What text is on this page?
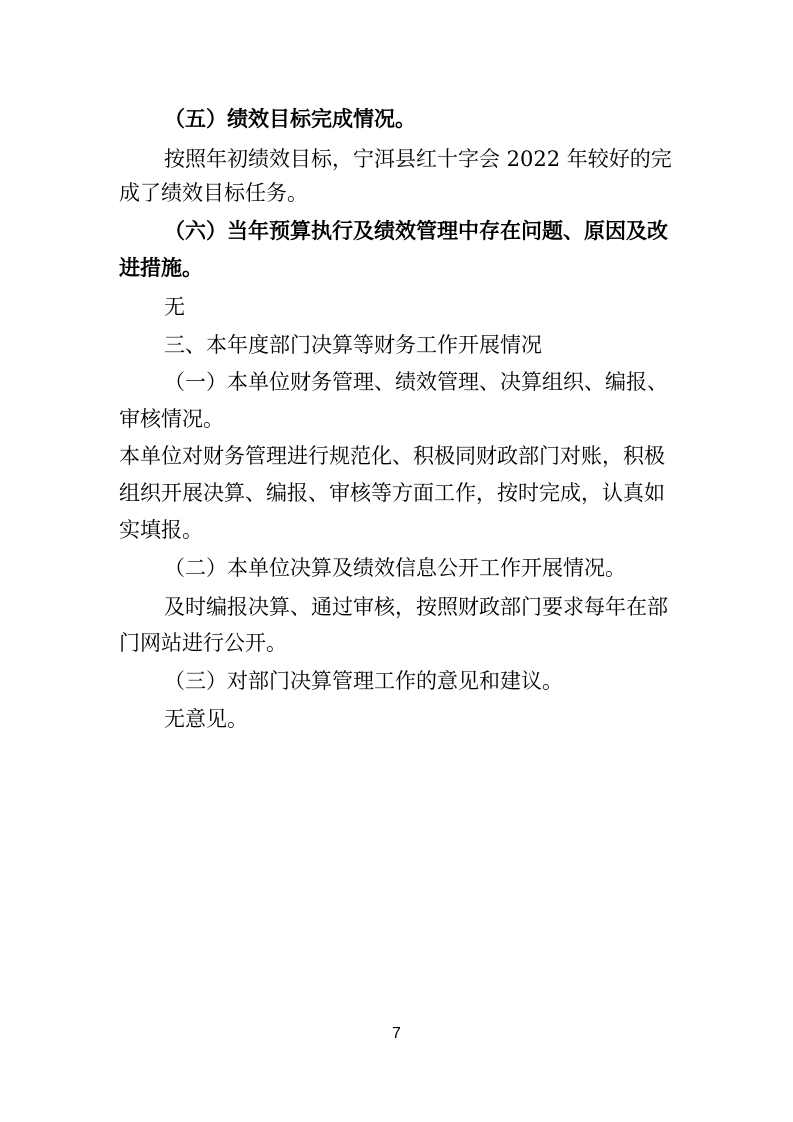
（五）绩效目标完成情况。
按照年初绩效目标，宁洱县红十字会 2022 年较好的完
成了绩效目标任务。
（六）当年预算执行及绩效管理中存在问题、原因及改
进措施。
无
三、本年度部门决算等财务工作开展情况
（一）本单位财务管理、绩效管理、决算组织、编报、
审核情况。
本单位对财务管理进行规范化、积极同财政部门对账，积极
组织开展决算、编报、审核等方面工作，按时完成，认真如
实填报。
（二）本单位决算及绩效信息公开工作开展情况。
及时编报决算、通过审核，按照财政部门要求每年在部
门网站进行公开。
（三）对部门决算管理工作的意见和建议。
无意见。
7
